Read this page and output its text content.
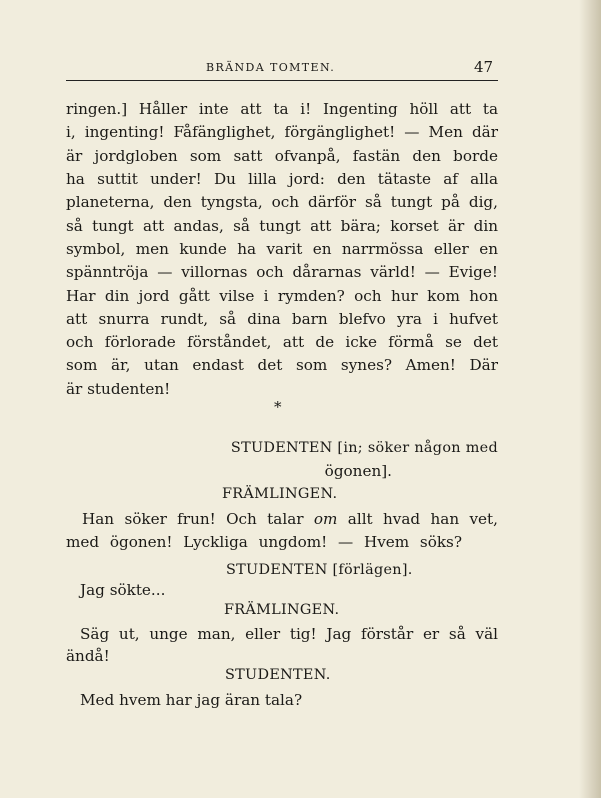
BRÄNDA TOMTEN.	47
ringen.] Håller inte att ta i! Ingenting höll att ta
i, ingenting! Fåfänglighet, förgänglighet! — Men där
är jordgloben som satt ofvanpå, fastän den borde
ha suttit under! Du lilla jord: den tätaste af alla
planeterna, den tyngsta, och därför så tungt på dig,
så tungt att andas, så tungt att bära; korset är din
symbol, men kunde ha varit en narrmössa eller en
spänntröja — villornas och dårarnas värld! — Evige!
Har din jord gått vilse i rymden? och hur kom hon
att snurra rundt, så dina barn blefvo yra i hufvet
och förlorade förståndet, att de icke förmå se det
som är, utan endast det som synes? Amen! Där
är studenten!
*
STUDENTEN [in; söker någon med
ögonen].
FRÄMLINGEN.
Han söker frun! Och talar om allt hvad han vet,
med ögonen! Lyckliga ungdom! — Hvem söks?
STUDENTEN [förlägen].
Jag sökte...
FRÄMLINGEN.
Säg ut, unge man, eller tig! Jag förstår er så väl
ändå!
STUDENTEN.
Med hvem har jag äran tala?
